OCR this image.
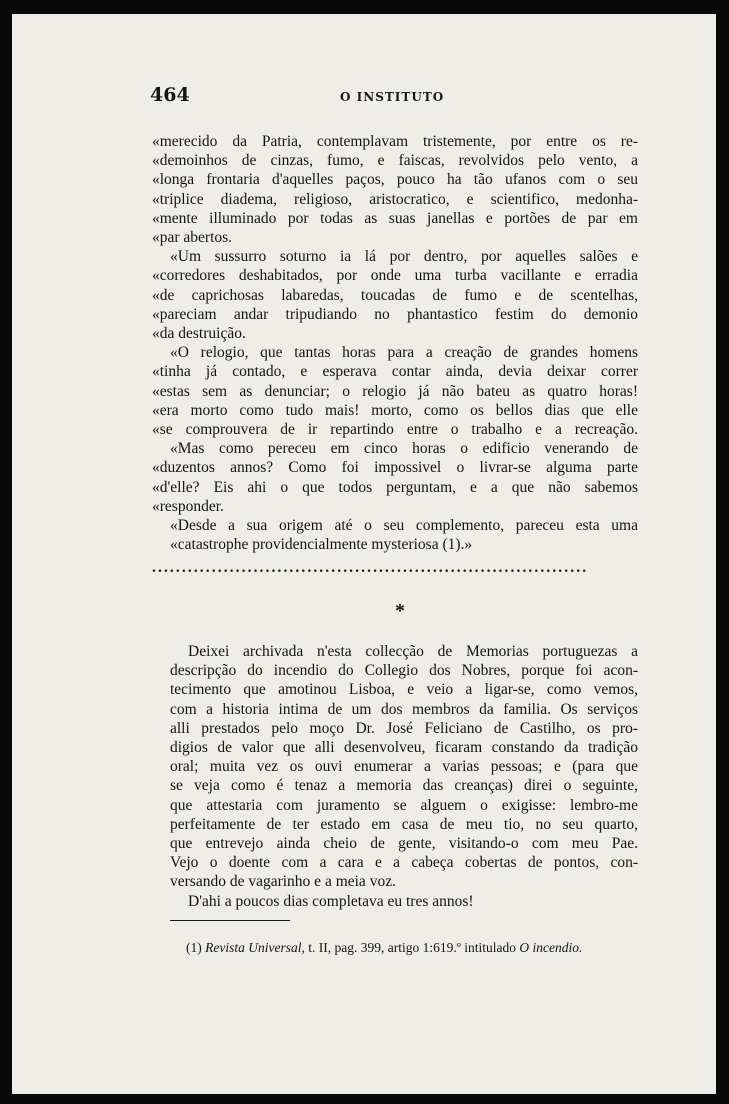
464	O INSTITUTO

«merecido da Patria, contemplavam tristemente, por entre os re-
«demoinhos de cinzas, fumo, e faiscas, revolvidos pelo vento, a
«longa frontaria d'aquelles paços, pouco ha tão ufanos com o seu
«triplice diadema, religioso, aristocratico, e scientifico, medonha-
«mente illuminado por todas as suas janellas e portões de par em
«par abertos.

«Um sussurro soturno ia lá por dentro, por aquelles salões e
«corredores deshabitados, por onde uma turba vacillante e erradia
«de caprichosas labaredas, toucadas de fumo e de scentelhas,
«pareciam andar tripudiando no phantastico festim do demonio
«da destruição.

«O relogio, que tantas horas para a creação de grandes homens
«tinha já contado, e esperava contar ainda, devia deixar correr
«estas sem as denunciar; o relogio já não bateu as quatro horas!
«era morto como tudo mais! morto, como os bellos dias que elle
«se comprouvera de ir repartindo entre o trabalho e a recreação.

«Mas como pereceu em cinco horas o edificio venerando de
«duzentos annos? Como foi impossivel o livrar-se alguma parte
«d'elle? Eis ahi o que todos perguntam, e a que não sabemos
«responder.

«Desde a sua origem até o seu complemento, pareceu esta uma
«catastrophe providencialmente mysteriosa (1).»

.........................................................................
*

Deixei archivada n'esta collecção de Memorias portuguezas a
descripção do incendio do Collegio dos Nobres, porque foi acon-
tecimento que amotinou Lisboa, e veio a ligar-se, como vemos,
com a historia intima de um dos membros da familia. Os serviços
alli prestados pelo moço Dr. José Feliciano de Castilho, os pro-
digios de valor que alli desenvolveu, ficaram constando da tradição
oral; muita vez os ouvi enumerar a varias pessoas; e (para que
se veja como é tenaz a memoria das creanças) direi o seguinte,
que attestaria com juramento se alguem o exigisse: lembro-me
perfeitamente de ter estado em casa de meu tio, no seu quarto,
que entrevejo ainda cheio de gente, visitando-o com meu Pae.
Vejo o doente com a cara e a cabeça cobertas de pontos, con-
versando de vagarinho e a meia voz.

D'ahi a poucos dias completava eu tres annos!

(1) Revista Universal, t. II, pag. 399, artigo 1:619.º intitulado O incendio.
